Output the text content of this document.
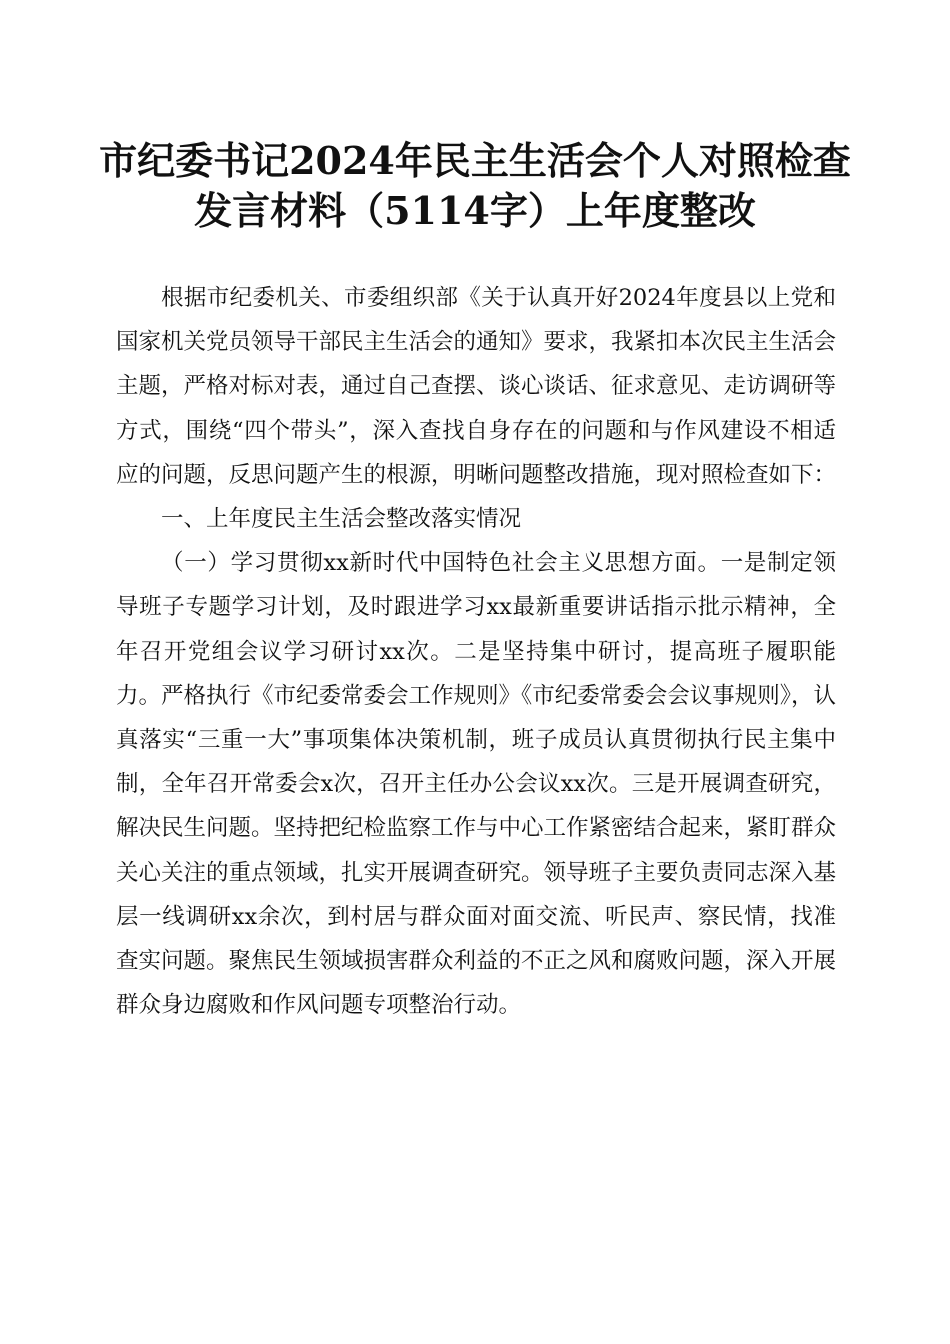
市纪委书记2024年民主生活会个人对照检查
发言材料（5114字）上年度整改

根据市纪委机关、市委组织部《关于认真开好2024年度县以上党和国家机关党员领导干部民主生活会的通知》要求，我紧扣本次民主生活会主题，严格对标对表，通过自己查摆、谈心谈话、征求意见、走访调研等方式，围绕“四个带头”，深入查找自身存在的问题和与作风建设不相适应的问题，反思问题产生的根源，明晰问题整改措施，现对照检查如下：

一、上年度民主生活会整改落实情况

（一）学习贯彻xx新时代中国特色社会主义思想方面。一是制定领导班子专题学习计划，及时跟进学习xx最新重要讲话指示批示精神，全年召开党组会议学习研讨xx次。二是坚持集中研讨，提高班子履职能力。严格执行《市纪委常委会工作规则》《市纪委常委会会议事规则》，认真落实“三重一大”事项集体决策机制，班子成员认真贯彻执行民主集中制，全年召开常委会x次，召开主任办公会议xx次。三是开展调查研究，解决民生问题。坚持把纪检监察工作与中心工作紧密结合起来，紧盯群众关心关注的重点领域，扎实开展调查研究。领导班子主要负责同志深入基层一线调研xx余次，到村居与群众面对面交流、听民声、察民情，找准查实问题。聚焦民生领域损害群众利益的不正之风和腐败问题，深入开展群众身边腐败和作风问题专项整治行动。
